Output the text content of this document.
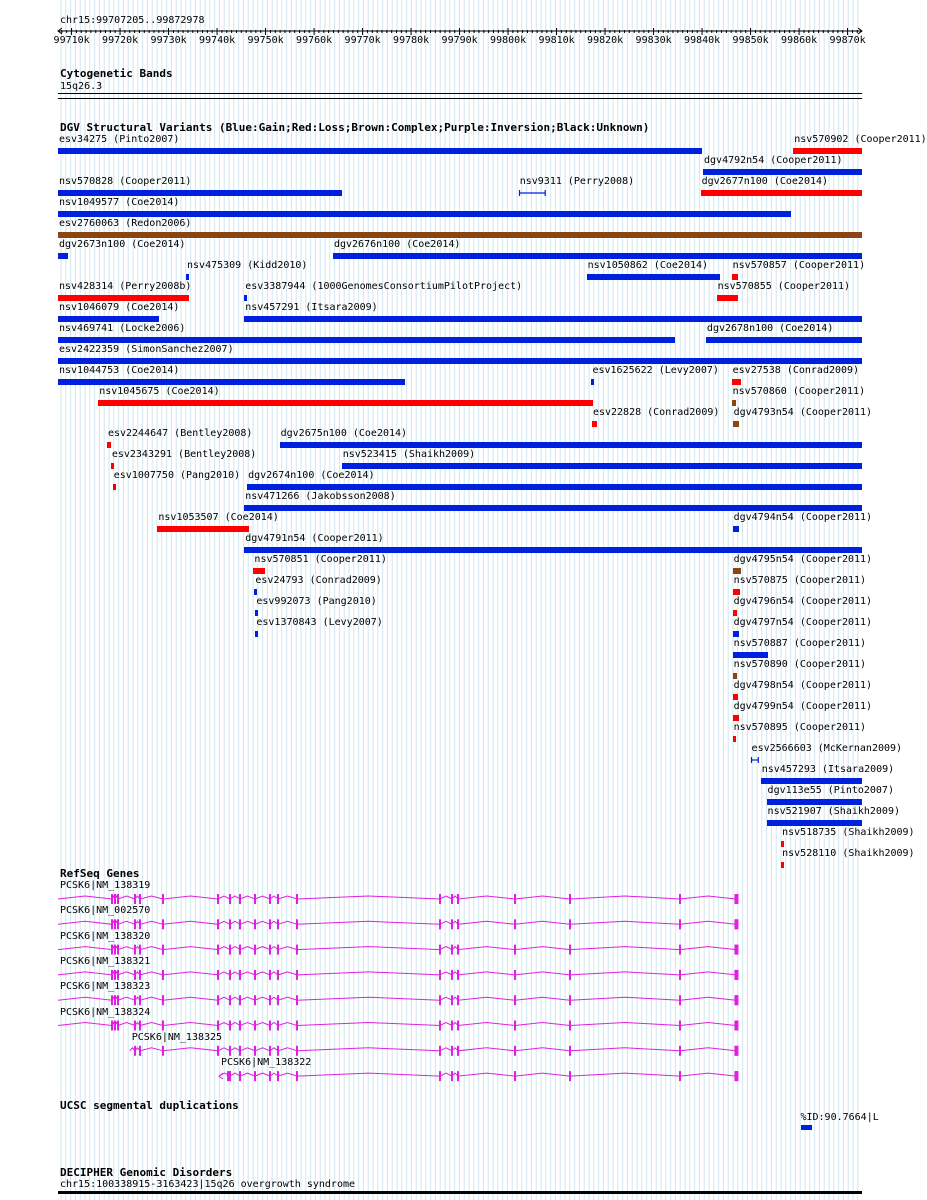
chr15:99707205..99872978
99710k 99720k 99730k 99740k 99750k 99760k 99770k 99780k 99790k 99800k 99810k 99820k 99830k 99840k 99850k 99860k 99870k
Cytogenetic Bands
15q26.3
DGV Structural Variants (Blue:Gain;Red:Loss;Brown:Complex;Purple:Inversion;Black:Unknown)
esv34275 (Pinto2007)
dgv4792n54 (Cooper2011)
nsv570828 (Cooper2011)	nsv9311 (Perry2008)	dgv2677n100 (Coe2014)
nsv1049577 (Coe2014)
nsv570902 (Cooper2011)
esv2760063 (Redon2006)
dgv2673n100 (Coe2014)
nsv475309 (Kidd2010)
dgv2676n100 (Coe2014)
nsv428314 (Perry2008b)	esv3387944 (1000GenomesConsortiumPilotProject)
nsv1050862 (Coe2014) nsv570857 (Cooper2011)
nsv1046079 (Coe2014)	nsv457291 (Itsara2009)
nsv469741 (Locke2006)
nsv570855 (Cooper2011)
esv2422359 (SimonSanchez2007)
nsv1044753 (Coe2014)	esv1625622 (Levy2007)
dgv2678n100 (Coe2014)
nsv1045675 (Coe2014)
esv22828 (Conrad2009)
esv27538 (Conrad2009)
esv2244647 (Bentley2008)	dgv2675n100 (Coe2014)
esv2343291 (Bentley2008)	nsv523415 (Shaikh2009)
esv1007750 (Pang2010)
nsv471266 (Jakobsson2008)
nsv1053507 (Coe2014)
nsv570860 (Cooper2011)
dgv4791n54 (Cooper2011)
dgv2674n100 (Coe2014)
nsv570851 (Cooper2011)
dgv4793n54 (Cooper2011)
esv24793 (Conrad2009)
dgv4794n54 (Cooper2011)
esv992073 (Pang2010)
dgv4795n54 (Cooper2011)
esv1370843 (Levy2007)
nsv570875 (Cooper2011)
dgv4796n54 (Cooper2011)
dgv4797n54 (Cooper2011)
nsv570887 (Cooper2011)
nsv570890 (Cooper2011)
dgv4798n54 (Cooper2011)
dgv4799n54 (Cooper2011)
nsv570895 (Cooper2011)
esv2566603 (McKernan2009)
nsv457293 (Itsara2009)
dgv113e55 (Pinto2007)
nsv521907 (Shaikh2009)
nsv518735 (Shaikh2009)
nsv528110 (Shaikh2009)
RefSeq Genes
PCSK6|NM_138319
PCSK6|NM_002570
PCSK6|NM_138320
PCSK6|NM_138321
PCSK6|NM_138323
PCSK6|NM_138324
PCSK6|NM_138325
PCSK6|NM_138322
UCSC segmental duplications
%ID:90.7664|L
DECIPHER Genomic Disorders
chr15:100338915-3163423|15q26 overgrowth syndrome
